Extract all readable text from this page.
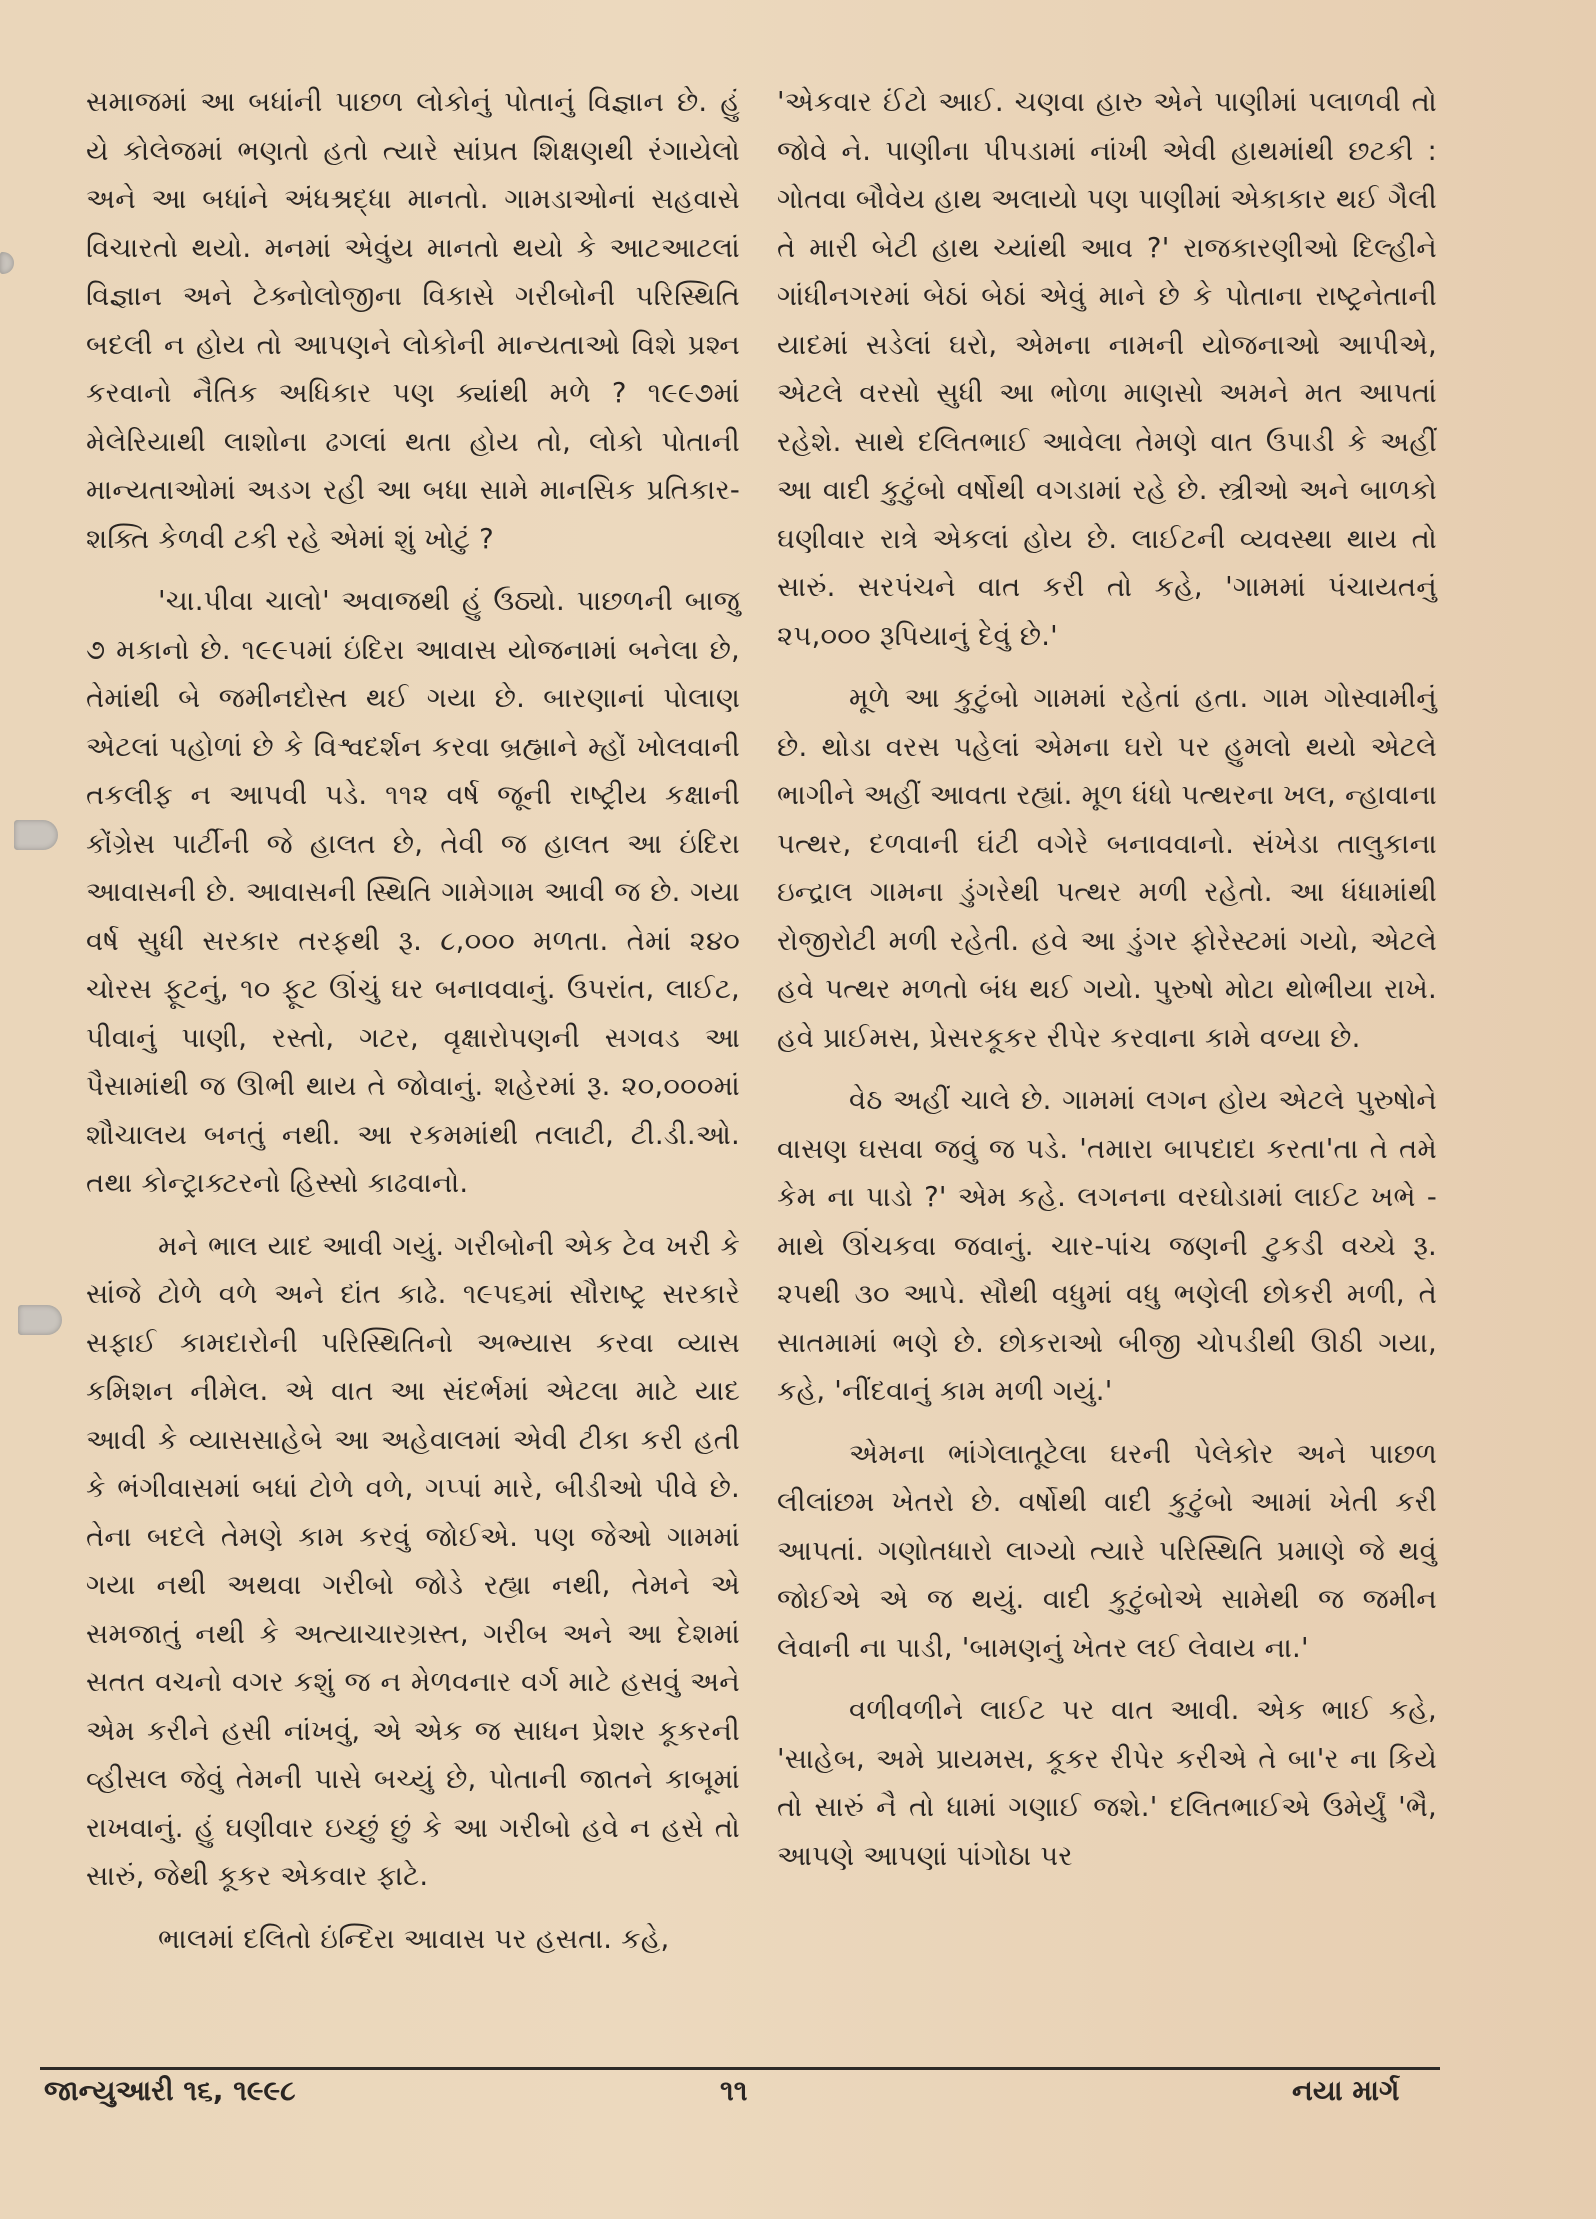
સમાજમાં આ બધાંની પાછળ લોકોનું પોતાનું વિજ્ઞાન છે. હું યે કોલેજમાં ભણતો હતો ત્યારે સાંપ્રત શિક્ષણથી રંગાયેલો અને આ બધાંને અંધશ્રદ્ધા માનતો. ગામડાઓનાં સહવાસે વિચારતો થયો. મનમાં એવુંય માનતો થયો કે આટઆટલાં વિજ્ઞાન અને ટેક્નોલોજીના વિકાસે ગરીબોની પરિસ્થિતિ બદલી ન હોય તો આપણને લોકોની માન્યતાઓ વિશે પ્રશ્ન કરવાનો નૈતિક અધિકાર પણ ક્યાંથી મળે ? ૧૯૯૭માં મેલેરિયાથી લાશોના ઢગલાં થતા હોય તો, લોકો પોતાની માન્યતાઓમાં અડગ રહી આ બધા સામે માનસિક પ્રતિકાર-શક્તિ કેળવી ટકી રહે એમાં શું ખોટું ?

'ચા.પીવા ચાલો' અવાજથી હું ઉઠ્યો. પાછળની બાજુ ૭ મકાનો છે. ૧૯૯૫માં ઇંદિરા આવાસ યોજનામાં બનેલા છે, તેમાંથી બે જમીનદોસ્ત થઈ ગયા છે. બારણાનાં પોલાણ એટલાં પહોળાં છે કે વિશ્વદર્શન કરવા બ્રહ્માને મ્હોં ખોલવાની તકલીફ ન આપવી પડે. ૧૧૨ વર્ષ જૂની રાષ્ટ્રીય કક્ષાની કોંગ્રેસ પાર્ટીની જે હાલત છે, તેવી જ હાલત આ ઇંદિરા આવાસની છે. આવાસની સ્થિતિ ગામેગામ આવી જ છે. ગયા વર્ષ સુધી સરકાર તરફથી રૂ. ૮,૦૦૦ મળતા. તેમાં ૨૪૦ ચોરસ ફૂટનું, ૧૦ ફૂટ ઊંચું ઘર બનાવવાનું. ઉપરાંત, લાઈટ, પીવાનું પાણી, રસ્તો, ગટર, વૃક્ષારોપણની સગવડ આ પૈસામાંથી જ ઊભી થાય તે જોવાનું. શહેરમાં રૂ. ૨૦,૦૦૦માં શૌચાલય બનતું નથી. આ રકમમાંથી તલાટી, ટી.ડી.ઓ. તથા કોન્ટ્રાક્ટરનો હિસ્સો કાઢવાનો.

મને ભાલ યાદ આવી ગયું. ગરીબોની એક ટેવ ખરી કે સાંજે ટોળે વળે અને દાંત કાઢે. ૧૯૫૬માં સૌરાષ્ટ્ર સરકારે સફાઈ કામદારોની પરિસ્થિતિનો અભ્યાસ કરવા વ્યાસ કમિશન નીમેલ. એ વાત આ સંદર્ભમાં એટલા માટે યાદ આવી કે વ્યાસસાહેબે આ અહેવાલમાં એવી ટીકા કરી હતી કે ભંગીવાસમાં બધાં ટોળે વળે, ગપ્પાં મારે, બીડીઓ પીવે છે. તેના બદલે તેમણે કામ કરવું જોઈએ. પણ જેઓ ગામમાં ગયા નથી અથવા ગરીબો જોડે રહ્યા નથી, તેમને એ સમજાતું નથી કે અત્યાચારગ્રસ્ત, ગરીબ અને આ દેશમાં સતત વચનો વગર કશું જ ન મેળવનાર વર્ગ માટે હસવું અને એમ કરીને હસી નાંખવું, એ એક જ સાધન પ્રેશર કૂકરની વ્હીસલ જેવું તેમની પાસે બચ્યું છે, પોતાની જાતને કાબૂમાં રાખવાનું. હું ઘણીવાર ઇચ્છું છું કે આ ગરીબો હવે ન હસે તો સારું, જેથી કૂકર એકવાર ફાટે.

ભાલમાં દલિતો ઇંન્દિરા આવાસ પર હસતા. કહે,

'એકવાર ઈંટો આઈ. ચણવા હારુ એને પાણીમાં પલાળવી તો જોવે ને. પાણીના પીપડામાં નાંખી એવી હાથમાંથી છટકી : ગોતવા બૌવેય હાથ અલાયો પણ પાણીમાં એકાકાર થઈ ગૈલી તે મારી બેટી હાથ ચ્યાંથી આવ ?' રાજકારણીઓ દિલ્હીને ગાંધીનગરમાં બેઠાં બેઠાં એવું માને છે કે પોતાના રાષ્ટ્રનેતાની યાદમાં સડેલાં ઘરો, એમના નામની યોજનાઓ આપીએ, એટલે વરસો સુધી આ ભોળા માણસો અમને મત આપતાં રહેશે. સાથે દલિતભાઈ આવેલા તેમણે વાત ઉપાડી કે અહીં આ વાદી કુટુંબો વર્ષોથી વગડામાં રહે છે. સ્ત્રીઓ અને બાળકો ઘણીવાર રાત્રે એકલાં હોય છે. લાઈટની વ્યવસ્થા થાય તો સારું. સરપંચને વાત કરી તો કહે, 'ગામમાં પંચાયતનું ૨૫,૦૦૦ રૂપિયાનું દેવું છે.'

મૂળે આ કુટુંબો ગામમાં રહેતાં હતા. ગામ ગોસ્વામીનું છે. થોડા વરસ પહેલાં એમના ઘરો પર હુમલો થયો એટલે ભાગીને અહીં આવતા રહ્યાં. મૂળ ધંધો પત્થરના ખલ, ન્હાવાના પત્થર, દળવાની ઘંટી વગેરે બનાવવાનો. સંખેડા તાલુકાના ઇન્દ્રાલ ગામના ડુંગરેથી પત્થર મળી રહેતો. આ ધંધામાંથી રોજીરોટી મળી રહેતી. હવે આ ડુંગર ફોરેસ્ટમાં ગયો, એટલે હવે પત્થર મળતો બંધ થઈ ગયો. પુરુષો મોટા થોભીયા રાખે. હવે પ્રાઈમસ, પ્રેસરકૂકર રીપેર કરવાના કામે વળ્યા છે.

વેઠ અહીં ચાલે છે. ગામમાં લગન હોય એટલે પુરુષોને વાસણ ઘસવા જવું જ પડે. 'તમારા બાપદાદા કરતા'તા તે તમે કેમ ના પાડો ?' એમ કહે. લગનના વરઘોડામાં લાઈટ ખભે - માથે ઊંચકવા જવાનું. ચાર-પાંચ જણની ટુકડી વચ્ચે રૂ. ૨૫થી ૩૦ આપે. સૌથી વધુમાં વધુ ભણેલી છોકરી મળી, તે સાતમામાં ભણે છે. છોકરાઓ બીજી ચોપડીથી ઊઠી ગયા, કહે, 'નીંદવાનું કામ મળી ગયું.'

એમના ભાંગેલાતૂટેલા ઘરની પેલેકોર અને પાછળ લીલાંછમ ખેતરો છે. વર્ષોથી વાદી કુટુંબો આમાં ખેતી કરી આપતાં. ગણોતધારો લાગ્યો ત્યારે પરિસ્થિતિ પ્રમાણે જે થવું જોઈએ એ જ થયું. વાદી કુટુંબોએ સામેથી જ જમીન લેવાની ના પાડી, 'બામણનું ખેતર લઈ લેવાય ના.'

વળીવળીને લાઈટ પર વાત આવી. એક ભાઈ કહે, 'સાહેબ, અમે પ્રાયમસ, કૂકર રીપેર કરીએ તે બા'ર ના કિયે તો સારું નૈ તો ધામાં ગણાઈ જશે.' દલિતભાઈએ ઉમેર્યું 'ભૈ, આપણે આપણાં પાંગોઠા પર

જાન્યુઆરી ૧૬, ૧૯૯૮	૧૧	નયા માર્ગ
